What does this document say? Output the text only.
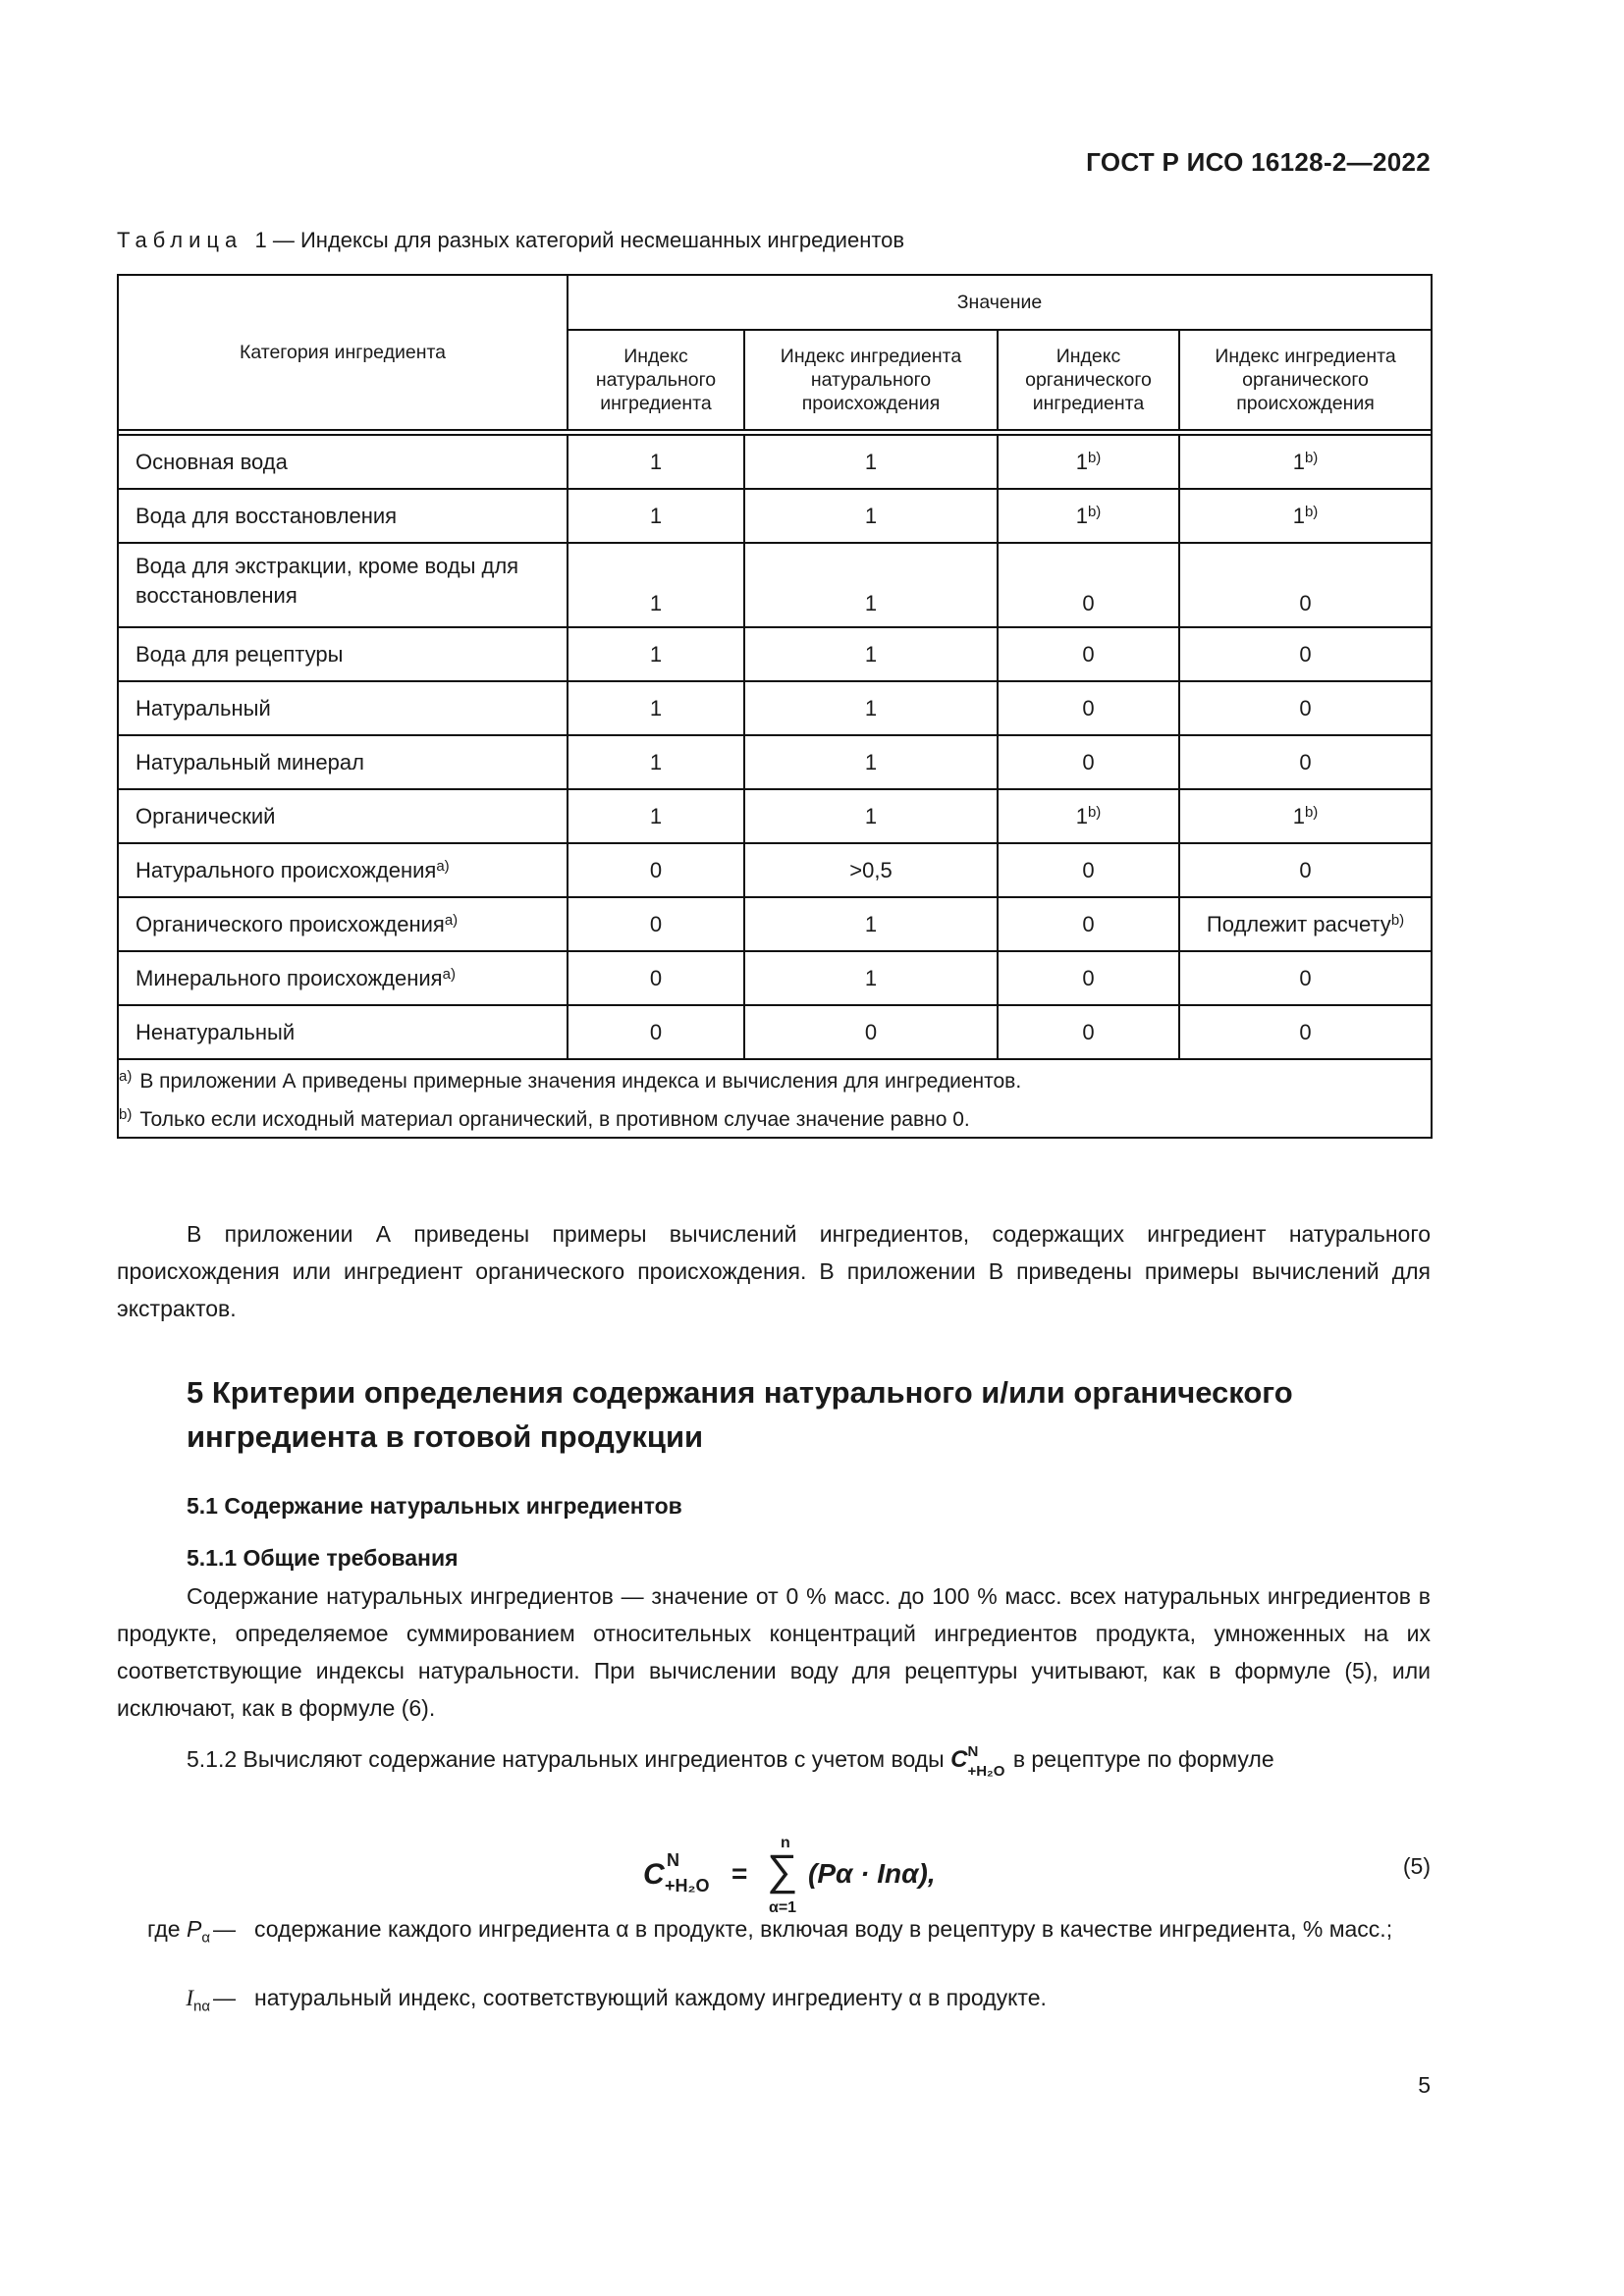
ГОСТ Р ИСО 16128-2—2022
Таблица 1 — Индексы для разных категорий несмешанных ингредиентов
Категория ингредиента	Значение			
	Индекс натурального ингредиента	Индекс ингредиента натурального происхождения	Индекс органического ингредиента	Индекс ингредиента органического происхождения

Основная вода	1	1	1$^{b)}$	1$^{b)}$
Вода для восстановления	1	1	1$^{b)}$	1$^{b)}$
Вода для экстракции, кроме воды для восстановления	1	1	0	0
Вода для рецептуры	1	1	0	0
Натуральный	1	1	0	0
Натуральный минерал	1	1	0	0
Органический	1	1	1$^{b)}$	1$^{b)}$
Натурального происхождения$^{a)}$	0	>0,5	0	0
Органического происхождения$^{a)}$	0	1	0	Подлежит расчету$^{b)}$
Минерального происхождения$^{a)}$	0	1	0	0
Ненатуральный	0	0	0	0

$^{a)}$ В приложении А приведены примерные значения индекса и вычисления для ингредиентов.
$^{b)}$ Только если исходный материал органический, в противном случае значение равно 0.				
В приложении А приведены примеры вычислений ингредиентов, содержащих ингредиент натурального происхождения или ингредиент органического происхождения. В приложении В приведены примеры вычислений для экстрактов.
5 Критерии определения содержания натурального и/или органического ингредиента в готовой продукции
5.1 Содержание натуральных ингредиентов
5.1.1 Общие требования
Содержание натуральных ингредиентов — значение от 0 % масс. до 100 % масс. всех натуральных ингредиентов в продукте, определяемое суммированием относительных концентраций ингредиентов продукта, умноженных на их соответствующие индексы натуральности. При вычислении воду для рецептуры учитывают, как в формуле (5), или исключают, как в формуле (6).
5.1.2 Вычисляют содержание натуральных ингредиентов с учетом воды C N
+H₂O в рецептуре по формуле
C N
+H₂O =
n
∑
α=1
(Pα · Inα),	(5)
где $P_\alpha$ — содержание каждого ингредиента α в продукте, включая воду в рецептуру в качестве ингредиента, % масс.;
$I_{n\alpha}$ — натуральный индекс, соответствующий каждому ингредиенту α в продукте.
5
